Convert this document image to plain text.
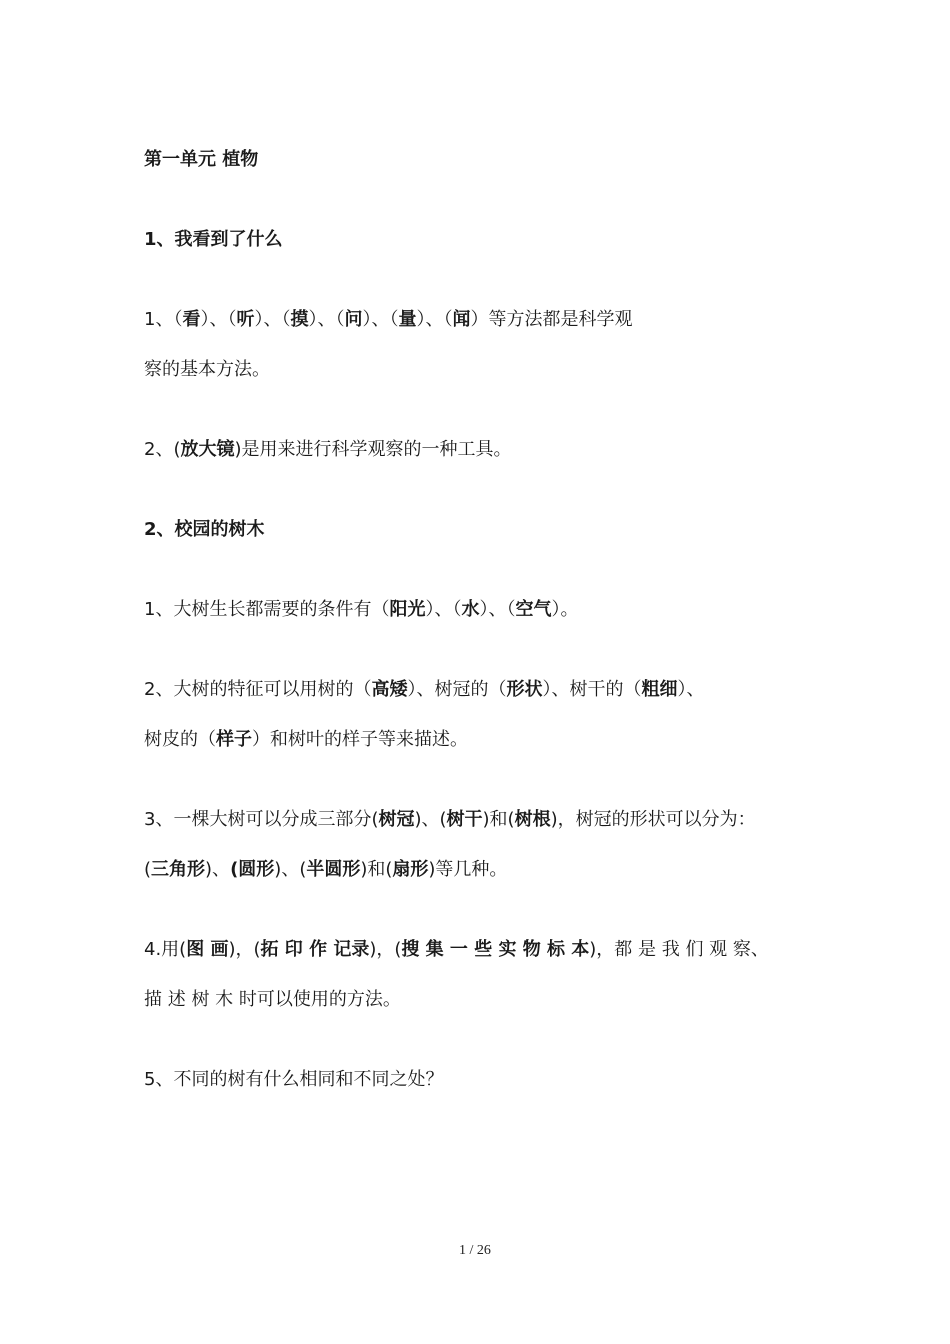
第一单元 植物
1、我看到了什么
1、（看）、（听）、（摸）、（问）、（量）、（闻）等方法都是科学观
察的基本方法。
2、(放大镜)是用来进行科学观察的一种工具。
2、校园的树木
1、大树生长都需要的条件有（阳光）、（水）、（空气）。
2、大树的特征可以用树的（高矮）、树冠的（形状）、树干的（粗细）、
树皮的（样子）和树叶的样子等来描述。
3、一棵大树可以分成三部分(树冠)、(树干)和(树根)，树冠的形状可以分为：
(三角形)、(圆形)、(半圆形)和(扇形)等几种。
4.用(图 画)，(拓 印 作 记录)，(搜 集 一 些 实 物 标 本)，都 是 我 们 观 察、
描 述 树 木 时可以使用的方法。
5、不同的树有什么相同和不同之处？
1 / 26
